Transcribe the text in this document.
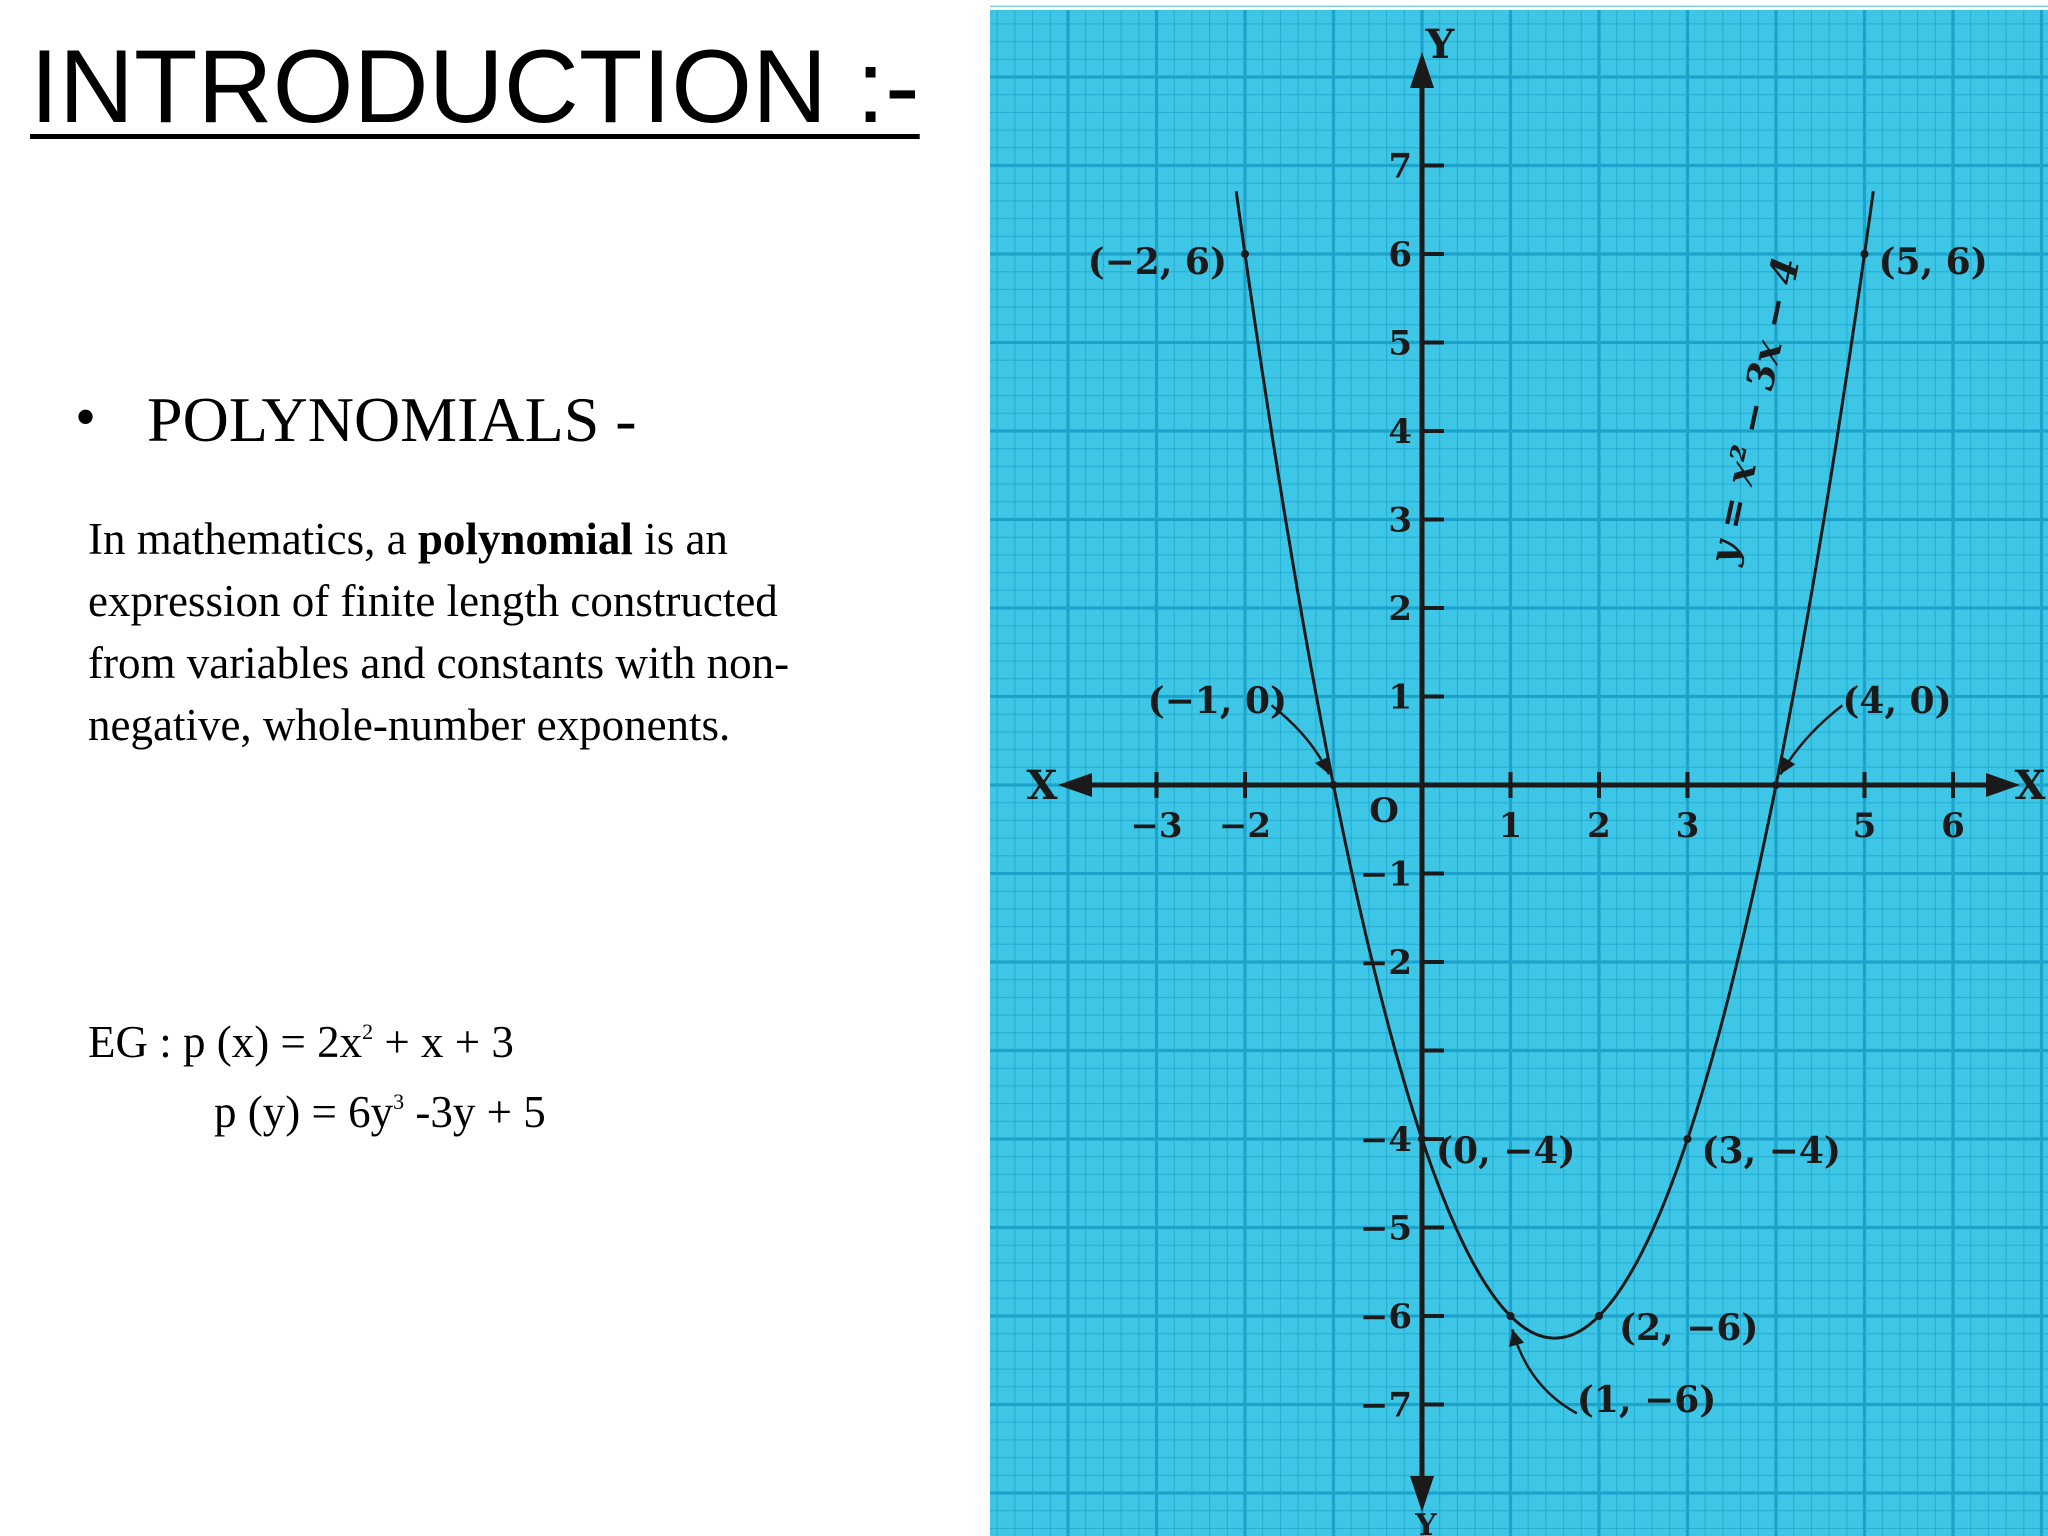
INTRODUCTION :-
• POLYNOMIALS -
In mathematics, a polynomial is an
expression of finite length constructed
from variables and constants with non-
negative, whole-number exponents.
EG : p $(x) = 2x^2 + x + 3$
p $(y) = 6y^3$ -3y + 5
X
X
Y
Y
O
−3 −2	1 2 3	5 6
7
6
5
4
3
2
1
−1
−2
−4
−5
−6
−7
y = x² − 3x − 4
(−2, 6)	(5, 6)
(−1, 0)	(4, 0)
(0, −4)	(3, −4)
(2, −6)
(1, −6)
